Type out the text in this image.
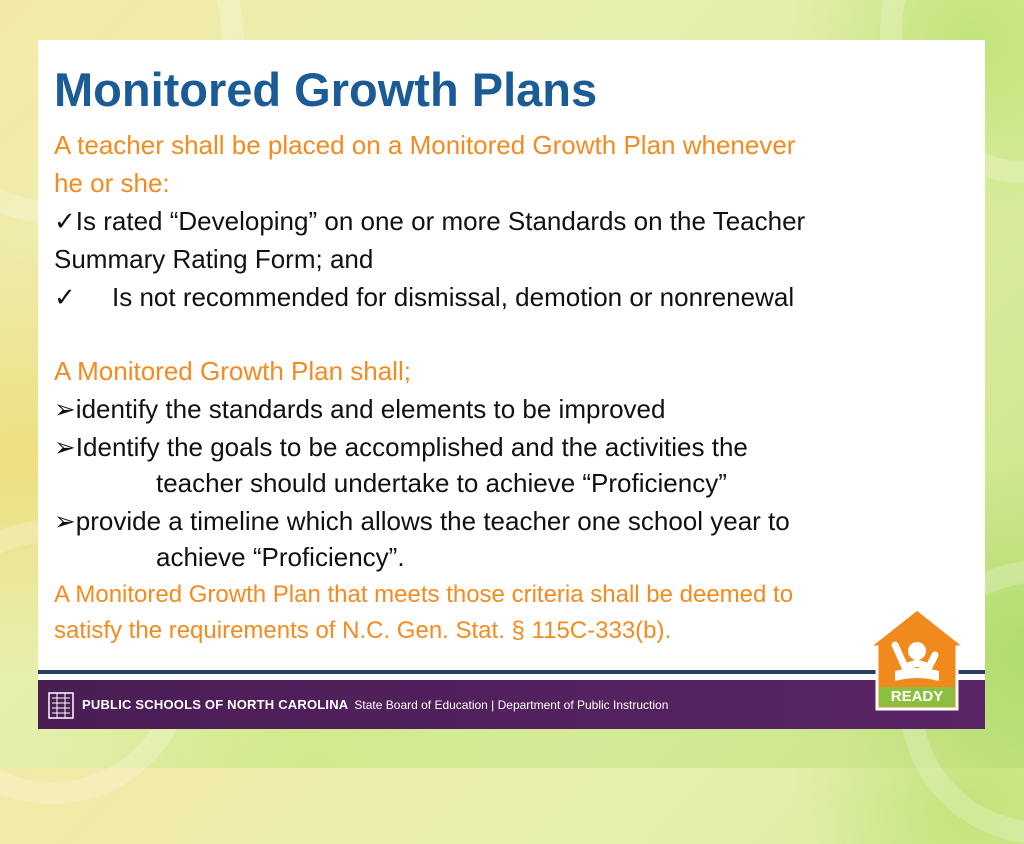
Monitored Growth Plans
A teacher shall be placed on a Monitored Growth Plan whenever
he or she:
✓Is rated “Developing” on one or more Standards on the Teacher
Summary Rating Form; and
✓ Is not recommended for dismissal, demotion or nonrenewal
A Monitored Growth Plan shall;
➢identify the standards and elements to be improved
➢Identify the goals to be accomplished and the activities the
teacher should undertake to achieve “Proficiency”
➢provide a timeline which allows the teacher one school year to
achieve “Proficiency”.
A Monitored Growth Plan that meets those criteria shall be deemed to
satisfy the requirements of N.C. Gen. Stat. § 115C-333(b).
PUBLIC SCHOOLS OF NORTH CAROLINA State Board of Education | Department of Public Instruction	READY
